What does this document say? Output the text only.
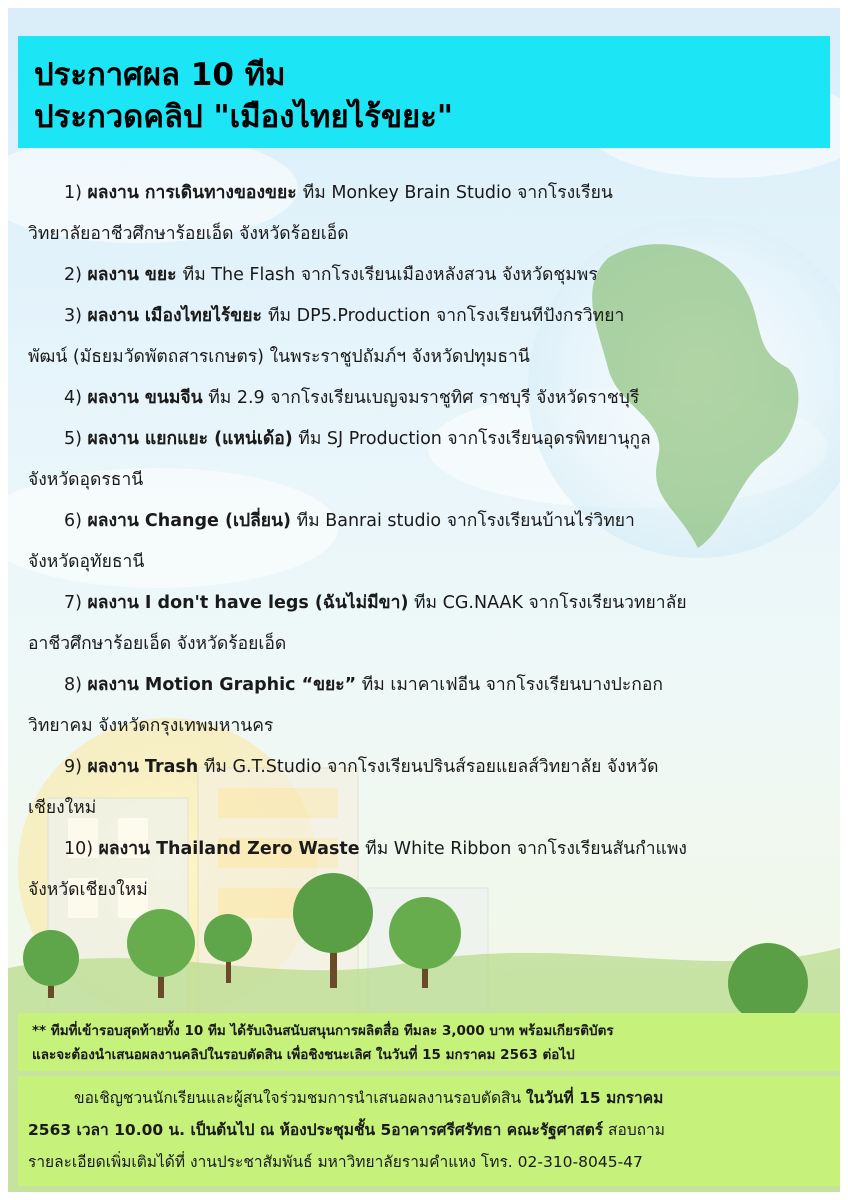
ประกาศผล 10 ทีม
ประกวดคลิป "เมืองไทยไร้ขยะ"
1) ผลงาน การเดินทางของขยะ ทีม Monkey Brain Studio จากโรงเรียน
วิทยาลัยอาชีวศึกษาร้อยเอ็ด จังหวัดร้อยเอ็ด
2) ผลงาน ขยะ ทีม The Flash จากโรงเรียนเมืองหลังสวน จังหวัดชุมพร
3) ผลงาน เมืองไทยไร้ขยะ ทีม DP5.Production จากโรงเรียนทีปังกรวิทยา
พัฒน์ (มัธยมวัดพัตถสารเกษตร) ในพระราชูปถัมภ์ฯ จังหวัดปทุมธานี
4) ผลงาน ขนมจีน ทีม 2.9 จากโรงเรียนเบญจมราชูทิศ ราชบุรี จังหวัดราชบุรี
5) ผลงาน แยกแยะ (แหน่เด้อ) ทีม SJ Production จากโรงเรียนอุดรพิทยานุกูล
จังหวัดอุดรธานี
6) ผลงาน Change (เปลี่ยน) ทีม Banrai studio จากโรงเรียนบ้านไร่วิทยา
จังหวัดอุทัยธานี
7) ผลงาน I don't have legs (ฉันไม่มีขา) ทีม CG.NAAK จากโรงเรียนวทยาลัย
อาชีวศึกษาร้อยเอ็ด จังหวัดร้อยเอ็ด
8) ผลงาน Motion Graphic “ขยะ” ทีม เมาคาเฟอีน จากโรงเรียนบางปะกอก
วิทยาคม จังหวัดกรุงเทพมหานคร
9) ผลงาน Trash ทีม G.T.Studio จากโรงเรียนปรินส์รอยแยลส์วิทยาลัย จังหวัด
เชียงใหม่
10) ผลงาน Thailand Zero Waste ทีม White Ribbon จากโรงเรียนสันกำแพง
จังหวัดเชียงใหม่
** ทีมที่เข้ารอบสุดท้ายทั้ง 10 ทีม ได้รับเงินสนับสนุนการผลิตสื่อ ทีมละ 3,000 บาท พร้อมเกียรติบัตร
และจะต้องนำเสนอผลงานคลิปในรอบตัดสิน เพื่อชิงชนะเลิศ ในวันที่ 15 มกราคม 2563 ต่อไป
ขอเชิญชวนนักเรียนและผู้สนใจร่วมชมการนำเสนอผลงานรอบตัดสิน ในวันที่ 15 มกราคม
2563 เวลา 10.00 น. เป็นต้นไป ณ ห้องประชุมชั้น 5อาคารศรีศรัทธา คณะรัฐศาสตร์ สอบถาม
รายละเอียดเพิ่มเติมได้ที่ งานประชาสัมพันธ์ มหาวิทยาลัยรามคำแหง โทร. 02-310-8045-47
